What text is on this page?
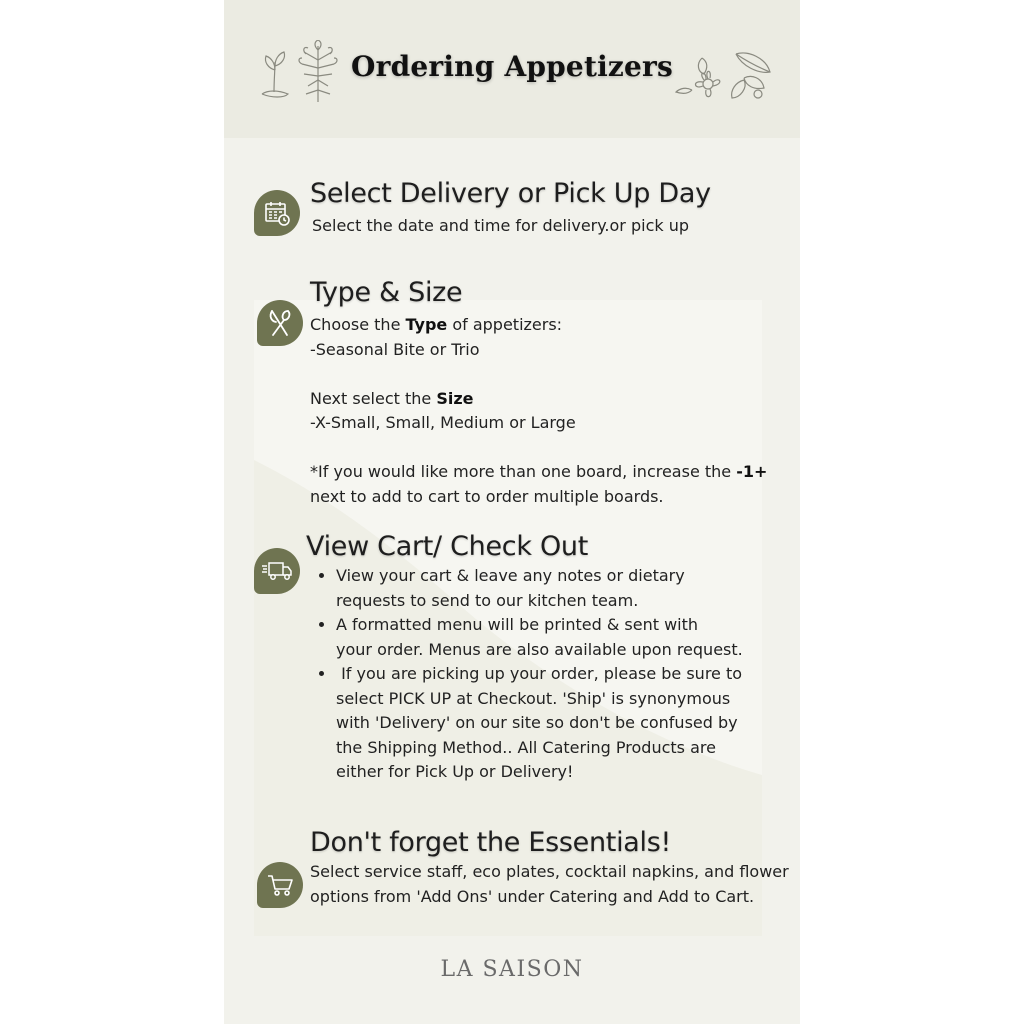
Ordering Appetizers
Select Delivery or Pick Up Day
Select the date and time for delivery.or pick up
Type & Size
Choose the Type of appetizers:
-Seasonal Bite or Trio
Next select the Size
-X-Small, Small, Medium or Large
*If you would like more than one board, increase the -1+
next to add to cart to order multiple boards.
View Cart/ Check Out
• View your cart & leave any notes or dietary
requests to send to our kitchen team.
• A formatted menu will be printed & sent with
your order. Menus are also available upon request.
•  If you are picking up your order, please be sure to
select PICK UP at Checkout. 'Ship' is synonymous
with 'Delivery' on our site so don't be confused by
the Shipping Method.. All Catering Products are
either for Pick Up or Delivery!
Don't forget the Essentials!
Select service staff, eco plates, cocktail napkins, and flower
options from 'Add Ons' under Catering and Add to Cart.
LA SAISON
